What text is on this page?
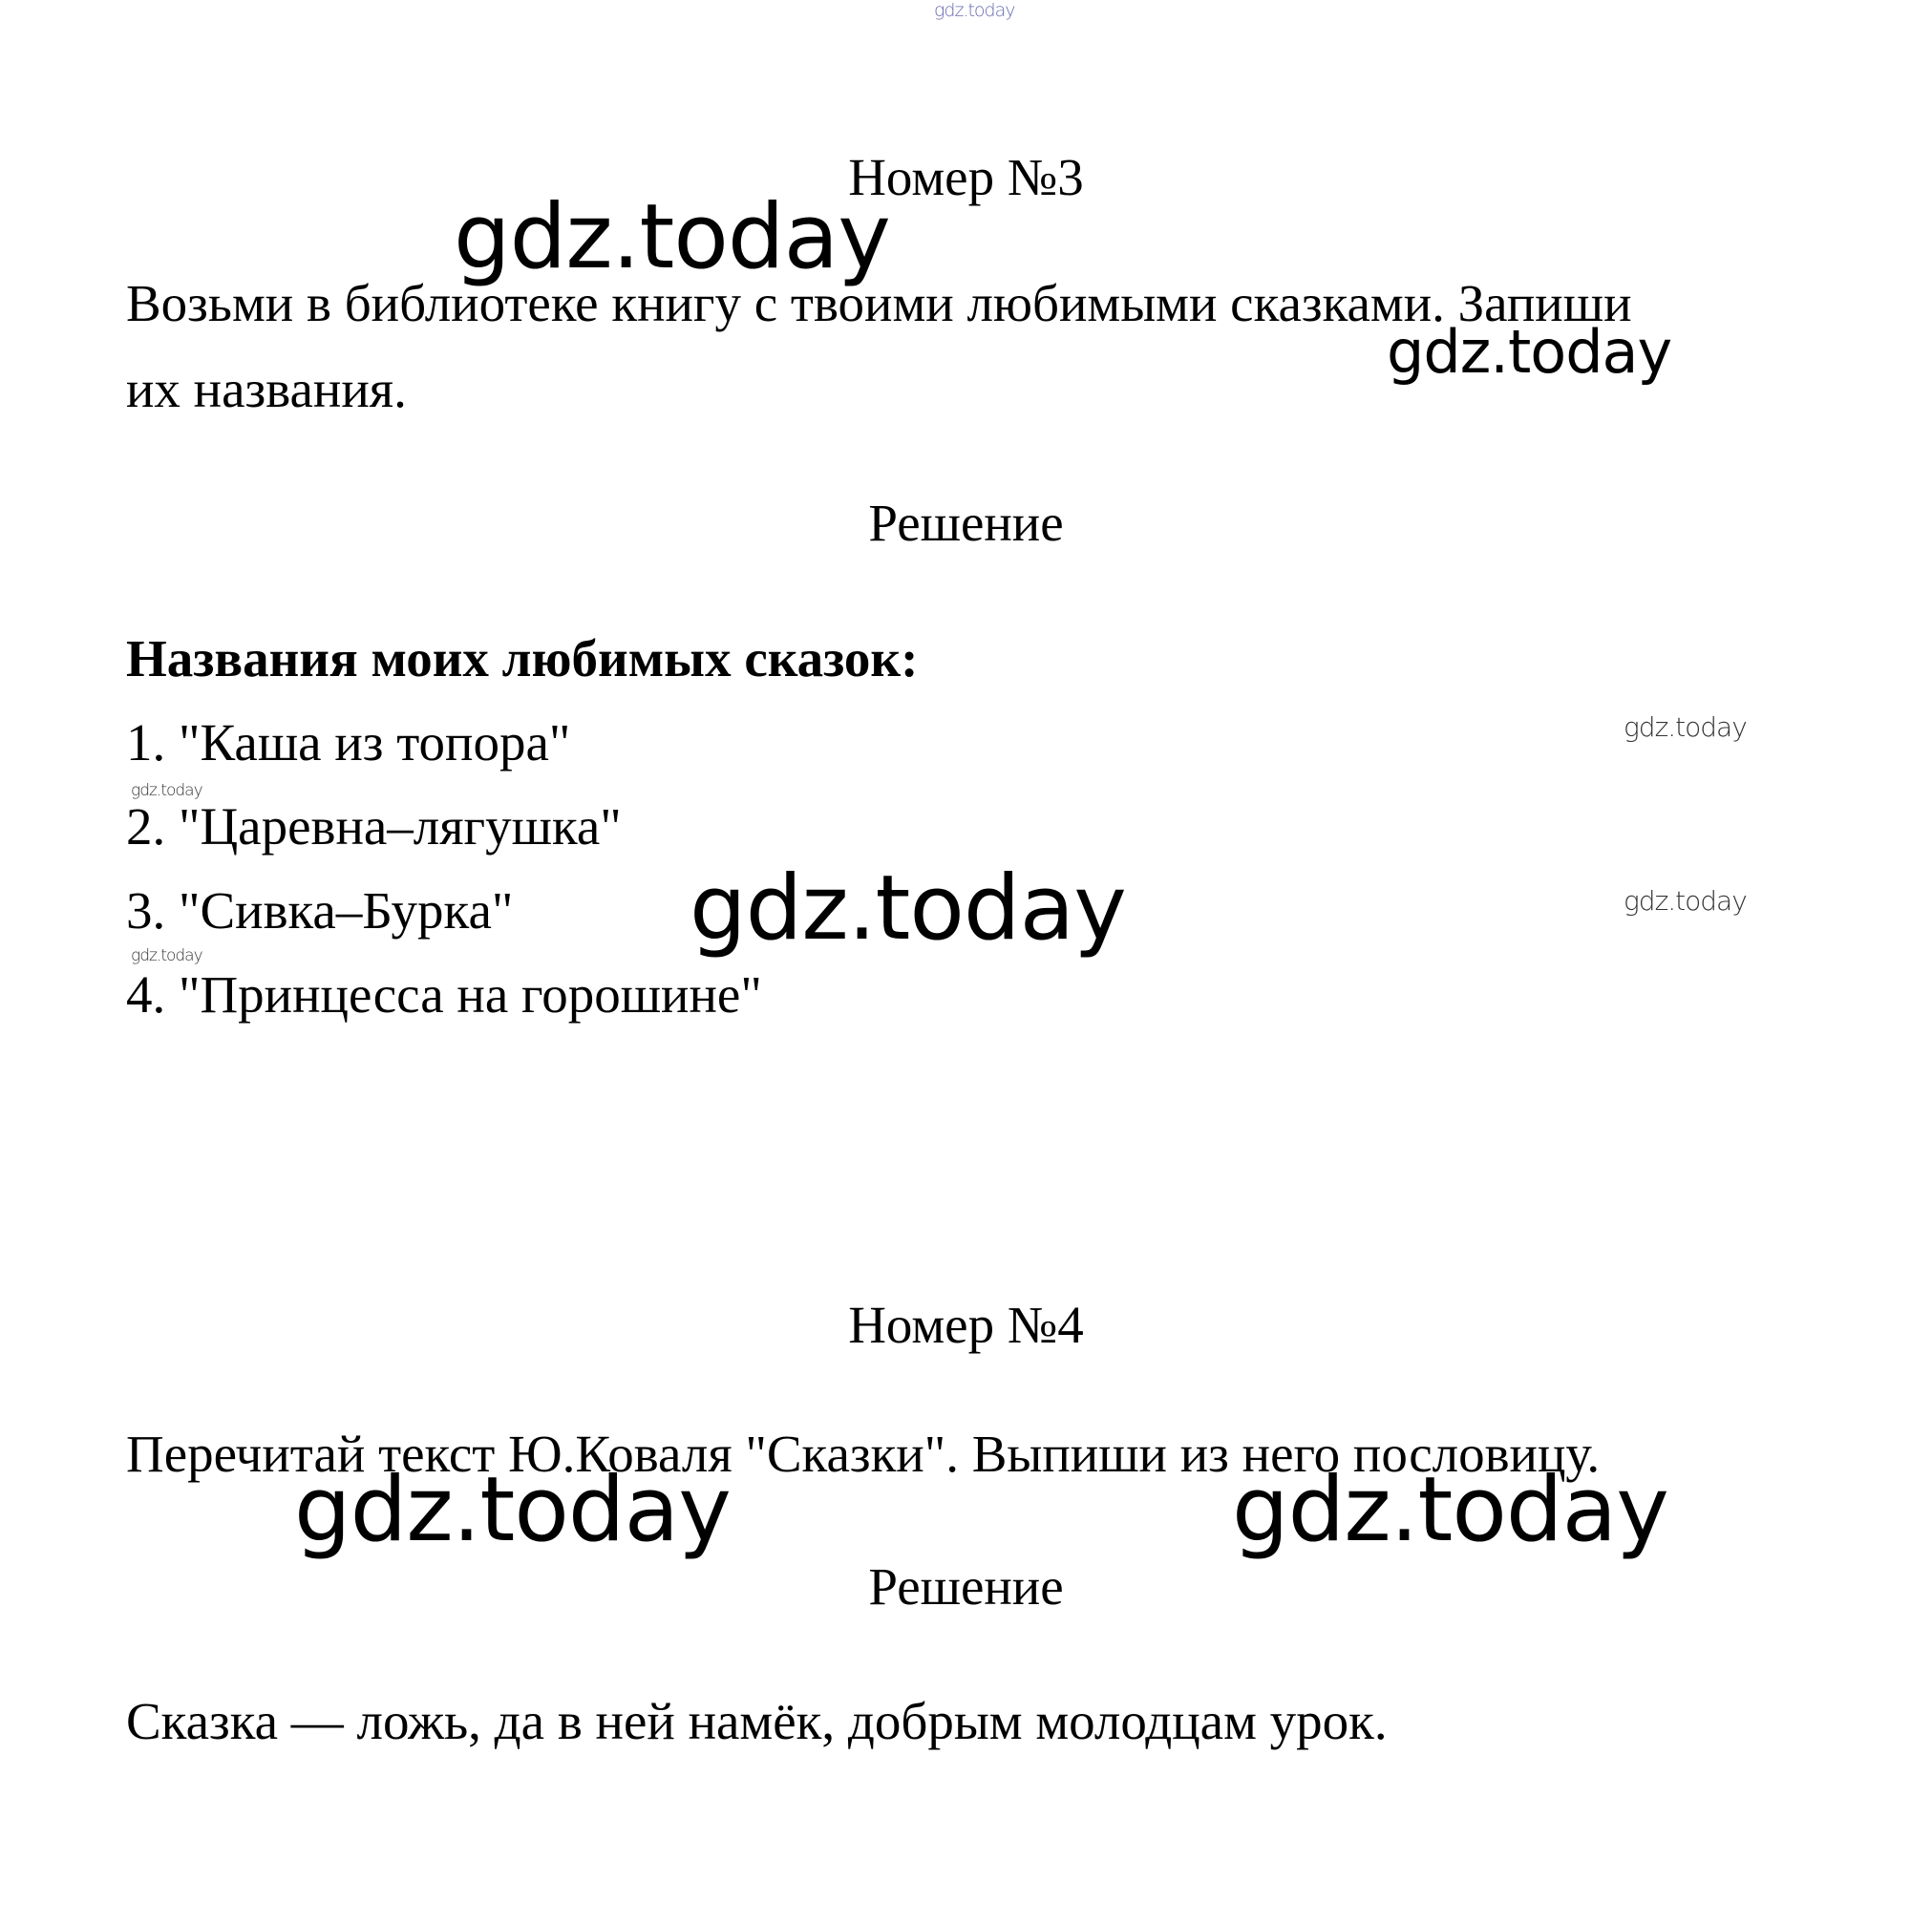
gdz.today
Номер №3
gdz.today
Возьми в библиотеке книгу с твоими любимыми сказками. Запиши
gdz.today
их названия.
Решение
Названия моих любимых сказок:
1. "Каша из топора"	gdz.today
gdz.today
2. "Царевна–лягушка"
3. "Сивка–Бурка" gdz.today	gdz.today
gdz.today
4. "Принцесса на горошине"
Номер №4
Перечитай текст Ю.Коваля "Сказки". Выпиши из него пословицу.
gdz.today	gdz.today
Решение
Сказка — ложь, да в ней намёк, добрым молодцам урок.
